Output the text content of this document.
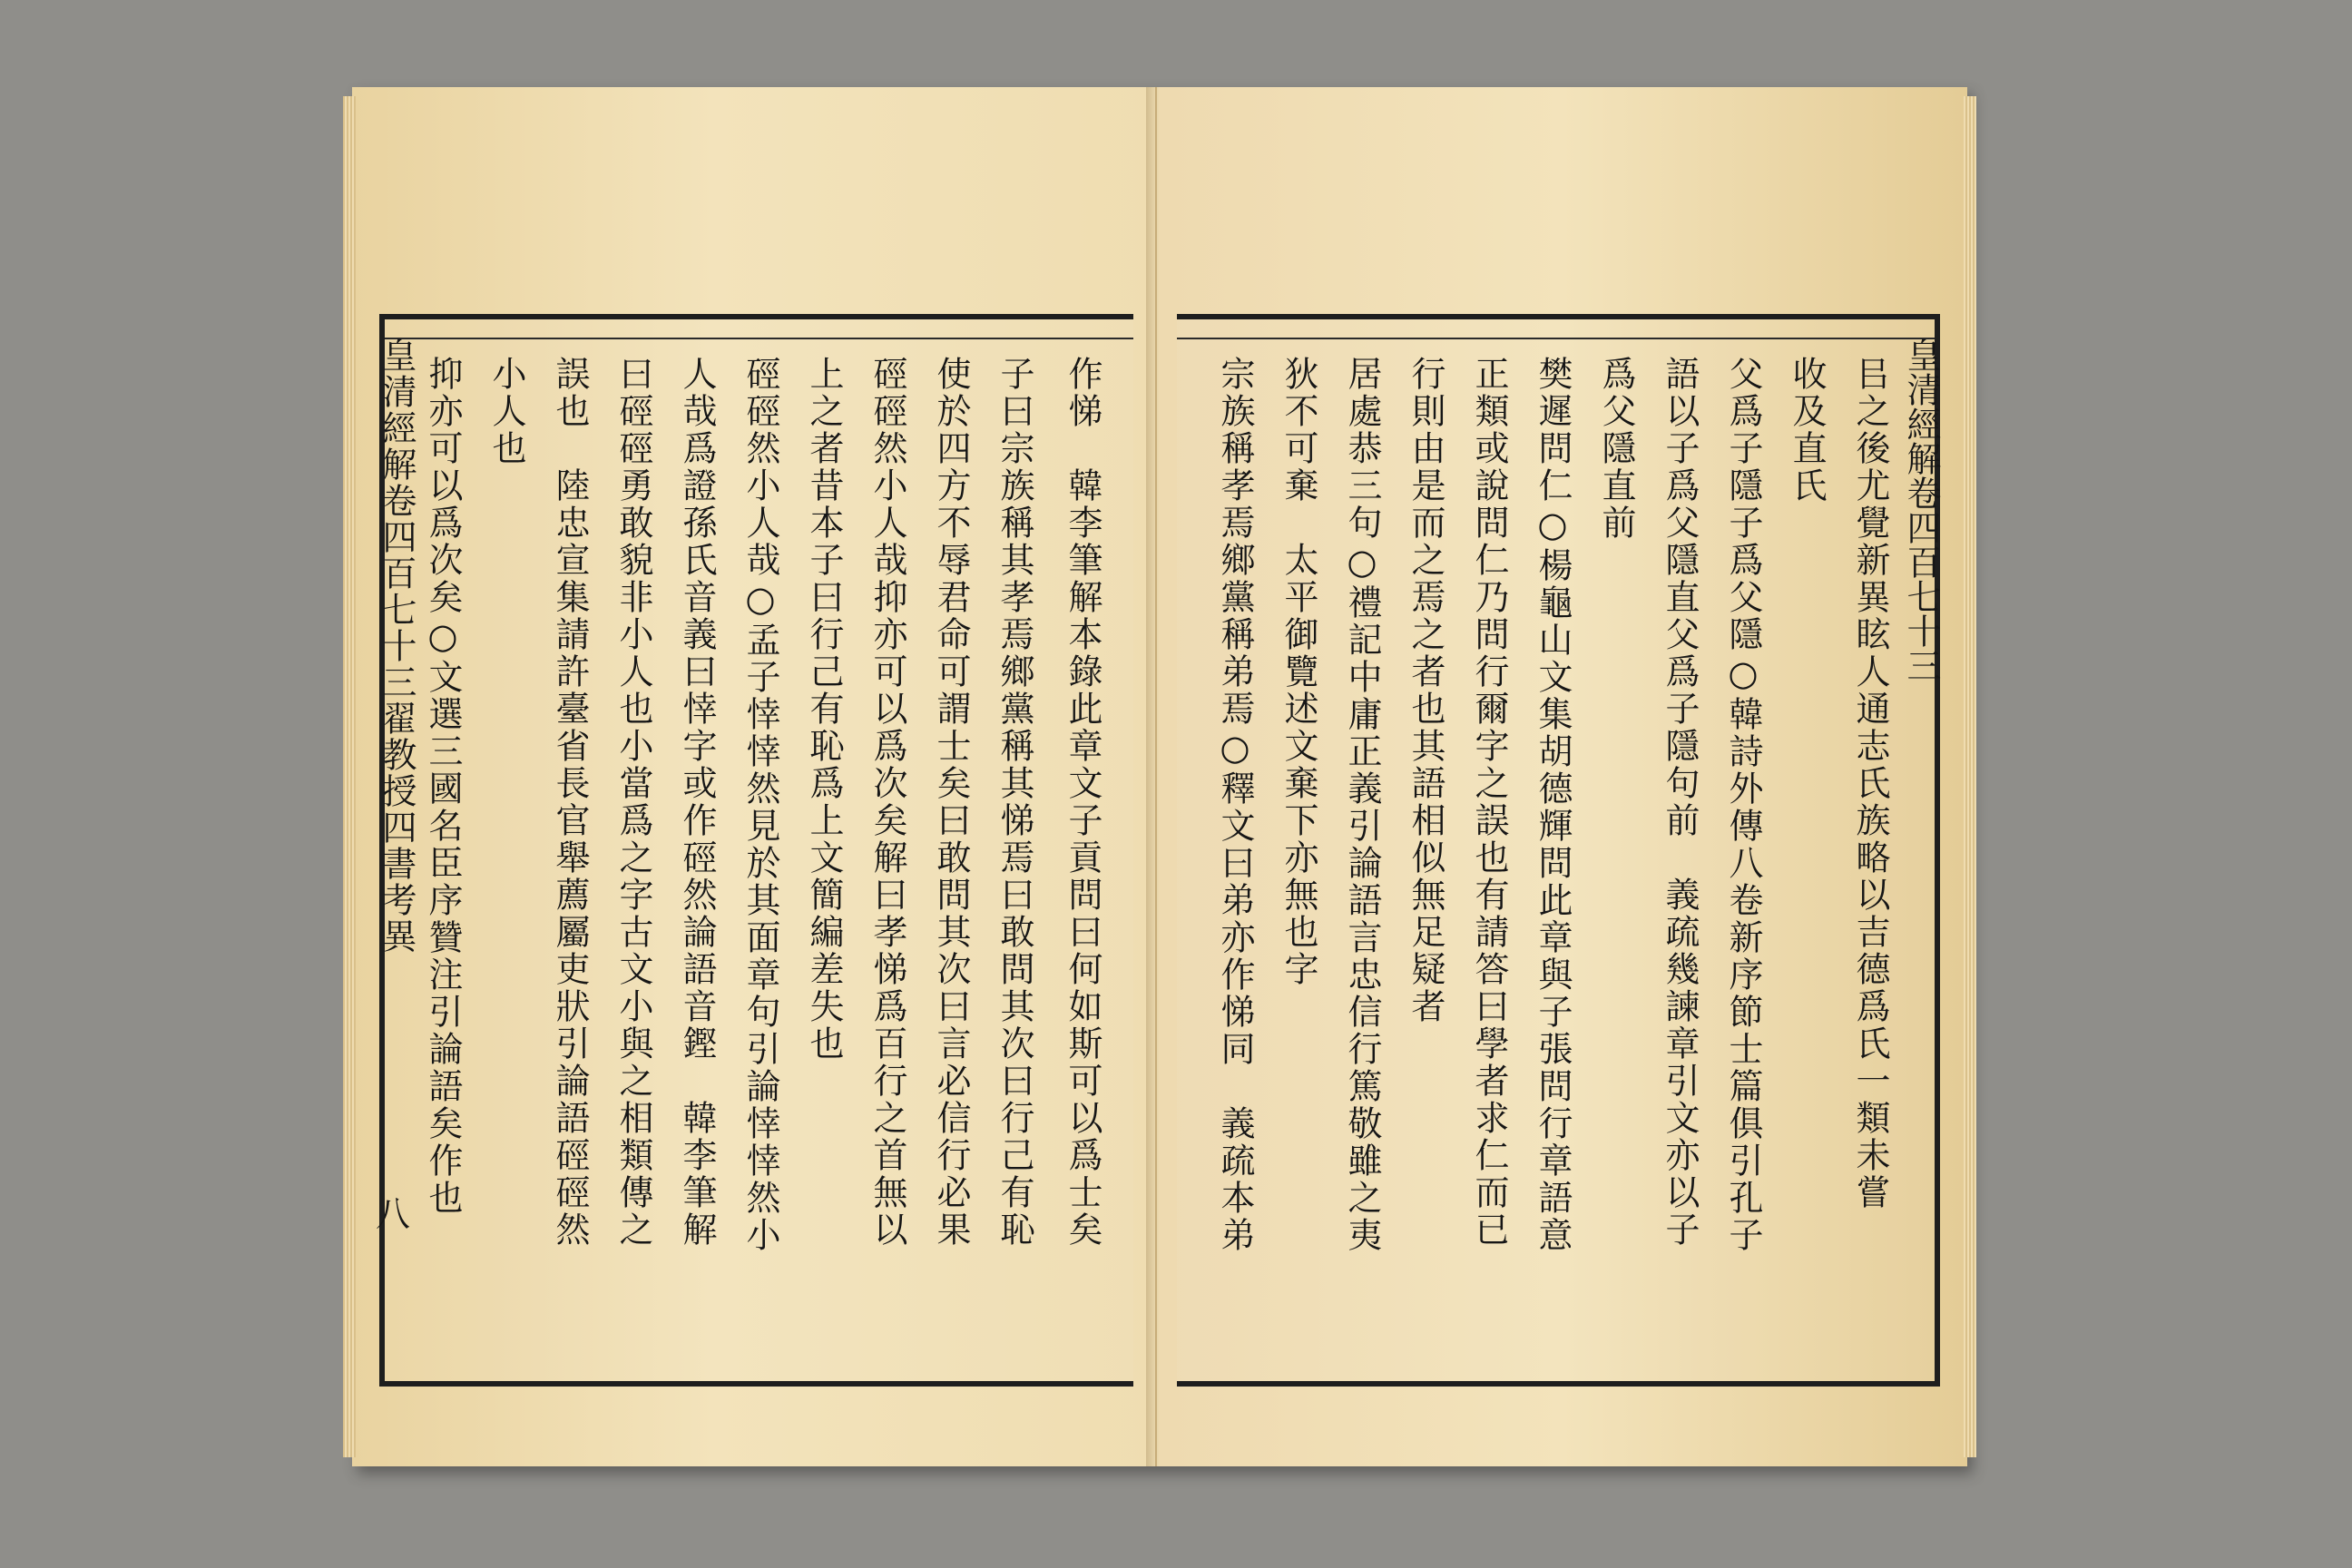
皇清經解卷四百七十三翟教授四書考異
八	作悌　韓李筆解本錄此章文子貢問曰何如斯可以爲士矣
子曰宗族稱其孝焉鄉黨稱其悌焉曰敢問其次曰行己有恥
使於四方不辱君命可謂士矣曰敢問其次曰言必信行必果
硜硜然小人哉抑亦可以爲次矣解曰孝悌爲百行之首無以
上之者昔本子曰行己有恥爲上文簡編差失也
硜硜然小人哉○孟子悻悻然見於其面章句引論悻悻然小
人哉爲證孫氏音義曰悻字或作硜然論語音鏗　韓李筆解
曰硜硜勇敢貌非小人也小當爲之字古文小與之相類傳之
誤也　陸忠宣集請許臺省長官舉薦屬吏狀引論語硜硜然
小人也
抑亦可以爲次矣○文選三國名臣序贊注引論語矣作也	皇清經解卷四百七十三
㠯之後尤覺新異眩人通志氏族略以吉德爲氏一類未嘗
收及直氏
父爲子隱子爲父隱○韓詩外傳八卷新序節士篇俱引孔子
語以子爲父隱直父爲子隱句前　義疏幾諫章引文亦以子
爲父隱直前
樊遲問仁○楊龜山文集胡德輝問此章與子張問行章語意
正類或說問仁乃問行爾字之誤也有請答曰學者求仁而已
行則由是而之焉之者也其語相似無足疑者
居處恭三句○禮記中庸正義引論語言忠信行篤敬雖之夷
狄不可棄　太平御覽述文棄下亦無也字
宗族稱孝焉鄉黨稱弟焉○釋文曰弟亦作悌同　義疏本弟
